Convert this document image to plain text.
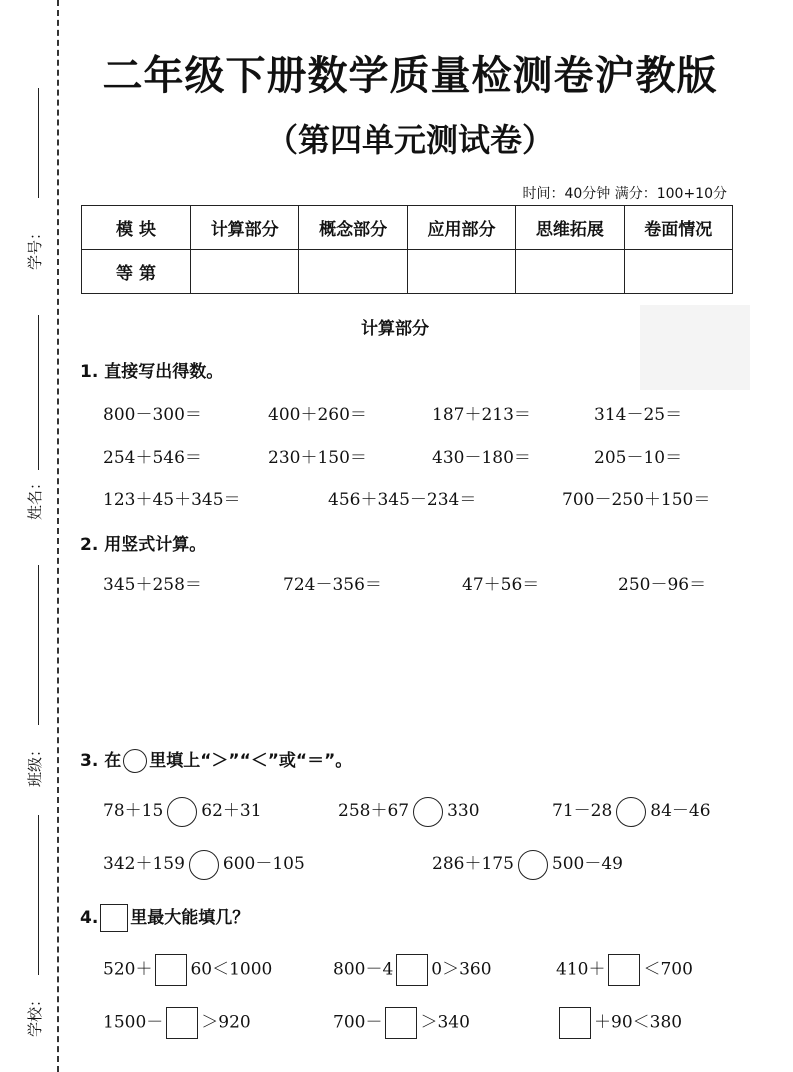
学号：
姓名：
班级：
学校：
二年级下册数学质量检测卷沪教版
（第四单元测试卷）
时间：40分钟 满分：100+10分
模 块	计算部分	概念部分	应用部分	思维拓展	卷面情况
等 第					
计算部分
1. 直接写出得数。
800－300＝	400＋260＝	187＋213＝	314－25＝
254＋546＝	230＋150＝	430－180＝	205－10＝
123＋45＋345＝	456＋345－234＝	700－250＋150＝
2. 用竖式计算。
345＋258＝	724－356＝	47＋56＝	250－96＝
3. 在 里填上“＞”“＜”或“＝”。
78＋15 62＋31	258＋67 330	71－28 84－46
342＋159 600－105	286＋175 500－49
4. 里最大能填几？
520＋ 60＜1000	800－4 0＞360	410＋ ＜700
1500－ ＞920	700－ ＞340	＋90＜380
